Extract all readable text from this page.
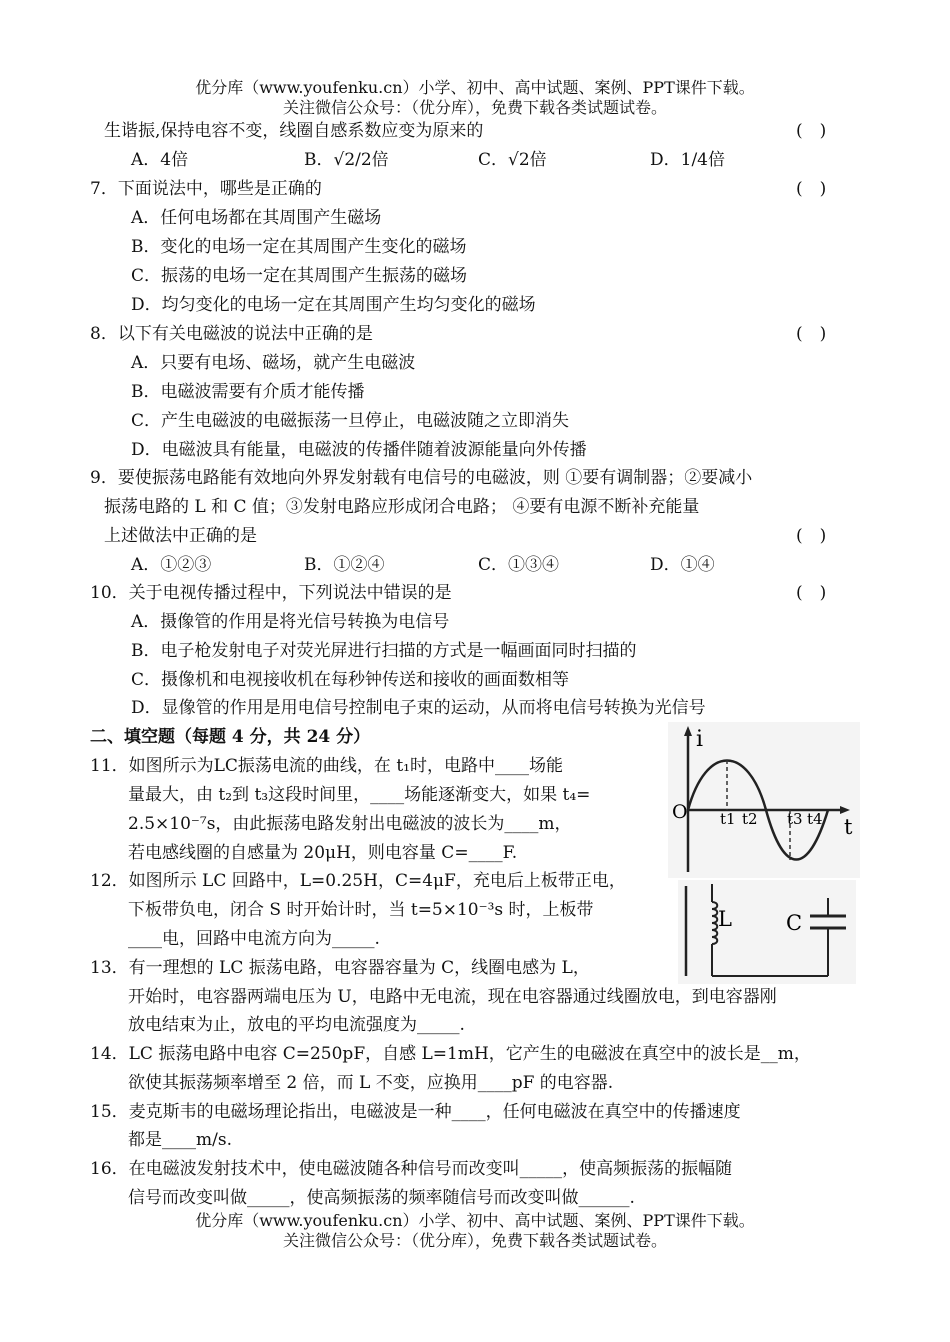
优分库（www.youfenku.cn）小学、初中、高中试题、案例、PPT课件下载。
关注微信公众号：（优分库），免费下载各类试题试卷。
生谐振,保持电容不变，线圈自感系数应变为原来的	(　)
A．4倍	B．√2/2倍	C．√2倍	D．1/4倍
7．下面说法中，哪些是正确的	(　)
A．任何电场都在其周围产生磁场
B．变化的电场一定在其周围产生变化的磁场
C．振荡的电场一定在其周围产生振荡的磁场
D．均匀变化的电场一定在其周围产生均匀变化的磁场
8．以下有关电磁波的说法中正确的是	(　)
A．只要有电场、磁场，就产生电磁波
B．电磁波需要有介质才能传播
C．产生电磁波的电磁振荡一旦停止，电磁波随之立即消失
D．电磁波具有能量，电磁波的传播伴随着波源能量向外传播
9．要使振荡电路能有效地向外界发射载有电信号的电磁波，则 ①要有调制器；②要减小
振荡电路的 L 和 C 值；③发射电路应形成闭合电路； ④要有电源不断补充能量
上述做法中正确的是	(　)
A．①②③	B．①②④	C．①③④	D．①④
10．关于电视传播过程中，下列说法中错误的是	(　)
A．摄像管的作用是将光信号转换为电信号
B．电子枪发射电子对荧光屏进行扫描的方式是一幅画面同时扫描的
C．摄像机和电视接收机在每秒钟传送和接收的画面数相等
D．显像管的作用是用电信号控制电子束的运动，从而将电信号转换为光信号
二、填空题（每题 4 分，共 24 分）
11．如图所示为LC振荡电流的曲线，在 t₁时，电路中____场能
量最大，由 t₂到 t₃这段时间里，____场能逐渐变大，如果 t₄=
2.5×10⁻⁷s，由此振荡电路发射出电磁波的波长为____m，
若电感线圈的自感量为 20μH，则电容量 C=____F.
12．如图所示 LC 回路中，L=0.25H，C=4μF，充电后上板带正电，
下板带负电，闭合 S 时开始计时，当 t=5×10⁻³s 时，上板带
____电，回路中电流方向为_____.
13．有一理想的 LC 振荡电路，电容器容量为 C，线圈电感为 L，
开始时，电容器两端电压为 U，电路中无电流，现在电容器通过线圈放电，到电容器刚
放电结束为止，放电的平均电流强度为_____.
14．LC 振荡电路中电容 C=250pF，自感 L=1mH，它产生的电磁波在真空中的波长是__m，
欲使其振荡频率增至 2 倍，而 L 不变，应换用____pF 的电容器.
15．麦克斯韦的电磁场理论指出，电磁波是一种____，任何电磁波在真空中的传播速度
都是____m/s.
16．在电磁波发射技术中，使电磁波随各种信号而改变叫_____，使高频振荡的振幅随
信号而改变叫做_____，使高频振荡的频率随信号而改变叫做______.
优分库（www.youfenku.cn）小学、初中、高中试题、案例、PPT课件下载。
关注微信公众号：（优分库），免费下载各类试题试卷。
i
O t1 t2 t3 t4 t
L	C
